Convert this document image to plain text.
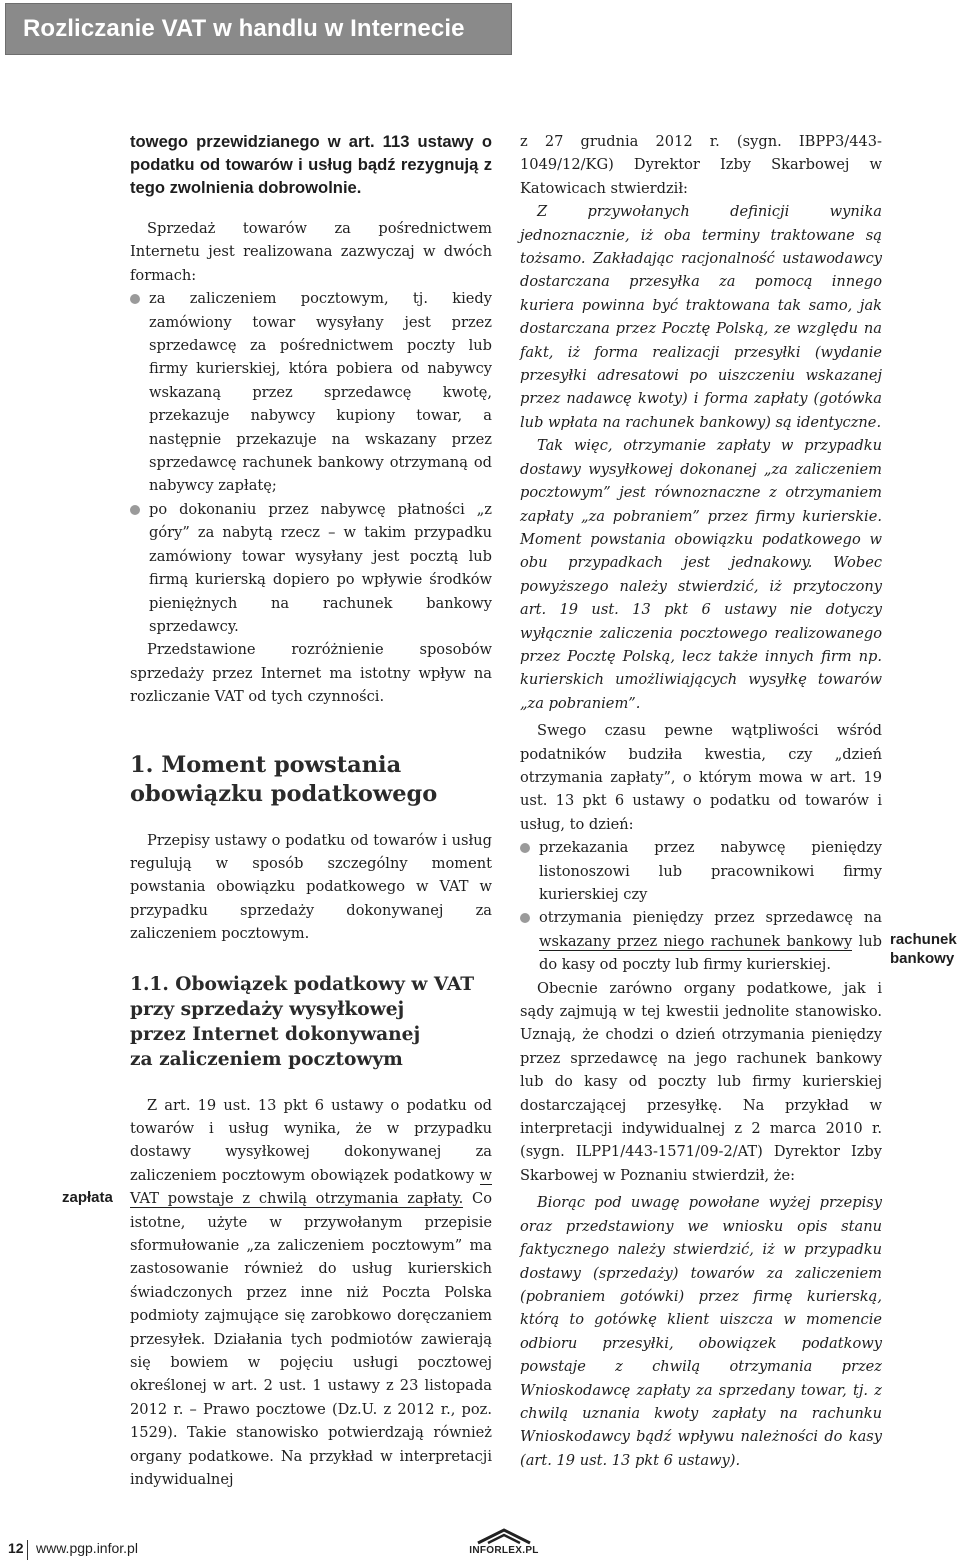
Rozliczanie VAT w handlu w Internecie

towego przewidzianego w art. 113 ustawy o podatku od towarów i usług bądź rezygnują z tego zwolnienia dobrowolnie.

Sprzedaż towarów za pośrednictwem Internetu jest realizowana zazwyczaj w dwóch formach:

za zaliczeniem pocztowym, tj. kiedy zamówiony towar wysyłany jest przez sprzedawcę za pośrednictwem poczty lub firmy kurierskiej, która pobiera od nabywcy wskazaną przez sprzedawcę kwotę, przekazuje nabywcy kupiony towar, a następnie przekazuje na wskazany przez sprzedawcę rachunek bankowy otrzymaną od nabywcy zapłatę;
po dokonaniu przez nabywcę płatności „z góry” za nabytą rzecz – w takim przypadku zamówiony towar wysyłany jest pocztą lub firmą kurierską dopiero po wpływie środków pieniężnych na rachunek bankowy sprzedawcy.

Przedstawione rozróżnienie sposobów sprzedaży przez Internet ma istotny wpływ na rozliczanie VAT od tych czynności.

1. Moment powstania
obowiązku podatkowego

Przepisy ustawy o podatku od towarów i usług regulują w sposób szczególny moment powstania obowiązku podatkowego w VAT w przypadku sprzedaży dokonywanej za zaliczeniem pocztowym.

1.1. Obowiązek podatkowy w VAT
przy sprzedaży wysyłkowej
przez Internet dokonywanej
za zaliczeniem pocztowym

Z art. 19 ust. 13 pkt 6 ustawy o podatku od towarów i usług wynika, że w przypadku dostawy wysyłkowej dokonywanej za zaliczeniem pocztowym obowiązek podatkowy w VAT powstaje z chwilą otrzymania zapłaty. Co istotne, użyte w przywołanym przepisie sformułowanie „za zaliczeniem pocztowym” ma zastosowanie również do usług kurierskich świadczonych przez inne niż Poczta Polska podmioty zajmujące się zarobkowo doręczaniem przesyłek. Działania tych podmiotów zawierają się bowiem w pojęciu usługi pocztowej określonej w art. 2 ust. 1 ustawy z 23 listopada 2012 r. – Prawo pocztowe (Dz.U. z 2012 r., poz. 1529). Takie stanowisko potwierdzają również organy podatkowe. Na przykład w interpretacji indywidualnej

zapłata

z 27 grudnia 2012 r. (sygn. IBPP3/443-1049/12/KG) Dyrektor Izby Skarbowej w Katowicach stwierdził:

Z przywołanych definicji wynika jednoznacznie, iż oba terminy traktowane są tożsamo. Zakładając racjonalność ustawodawcy dostarczana przesyłka za pomocą innego kuriera powinna być traktowana tak samo, jak dostarczana przez Pocztę Polską, ze względu na fakt, iż forma realizacji przesyłki (wydanie przesyłki adresatowi po uiszczeniu wskazanej przez nadawcę kwoty) i forma zapłaty (gotówka lub wpłata na rachunek bankowy) są identyczne.

Tak więc, otrzymanie zapłaty w przypadku dostawy wysyłkowej dokonanej „za zaliczeniem pocztowym” jest równoznaczne z otrzymaniem zapłaty „za pobraniem” przez firmy kurierskie. Moment powstania obowiązku podatkowego w obu przypadkach jest jednakowy. Wobec powyższego należy stwierdzić, iż przytoczony art. 19 ust. 13 pkt 6 ustawy nie dotyczy wyłącznie zaliczenia pocztowego realizowanego przez Pocztę Polską, lecz także innych firm np. kurierskich umożliwiających wysyłkę towarów „za pobraniem”.

Swego czasu pewne wątpliwości wśród podatników budziła kwestia, czy „dzień otrzymania zapłaty”, o którym mowa w art. 19 ust. 13 pkt 6 ustawy o podatku od towarów i usług, to dzień:

przekazania przez nabywcę pieniędzy listonoszowi lub pracownikowi firmy kurierskiej czy
otrzymania pieniędzy przez sprzedawcę na wskazany przez niego rachunek bankowy lub do kasy od poczty lub firmy kurierskiej.

Obecnie zarówno organy podatkowe, jak i sądy zajmują w tej kwestii jednolite stanowisko. Uznają, że chodzi o dzień otrzymania pieniędzy przez sprzedawcę na jego rachunek bankowy lub do kasy od poczty lub firmy kurierskiej dostarczającej przesyłkę. Na przykład w interpretacji indywidualnej z 2 marca 2010 r. (sygn. ILPP1/443-1571/09-2/AT) Dyrektor Izby Skarbowej w Poznaniu stwierdził, że:

Biorąc pod uwagę powołane wyżej przepisy oraz przedstawiony we wniosku opis stanu faktycznego należy stwierdzić, iż w przypadku dostawy (sprzedaży) towarów za zaliczeniem (pobraniem gotówki) przez firmę kurierską, którą to gotówkę klient uiszcza w momencie odbioru przesyłki, obowiązek podatkowy powstaje z chwilą otrzymania przez Wnioskodawcę zapłaty za sprzedany towar, tj. z chwilą uznania kwoty zapłaty na rachunku Wnioskodawcy bądź wpływu należności do kasy (art. 19 ust. 13 pkt 6 ustawy).

rachunek
bankowy
12 www.pgp.infor.pl	INFORLEX.PL
